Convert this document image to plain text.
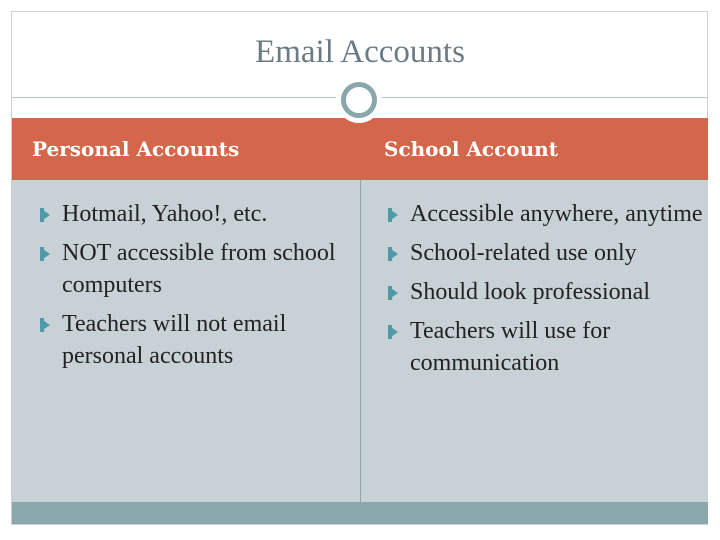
Email Accounts
Personal Accounts	School Account
Hotmail, Yahoo!, etc.
NOT accessible from school computers
Teachers will not email personal accounts
Accessible anywhere, anytime
School-related use only
Should look professional
Teachers will use for communication
